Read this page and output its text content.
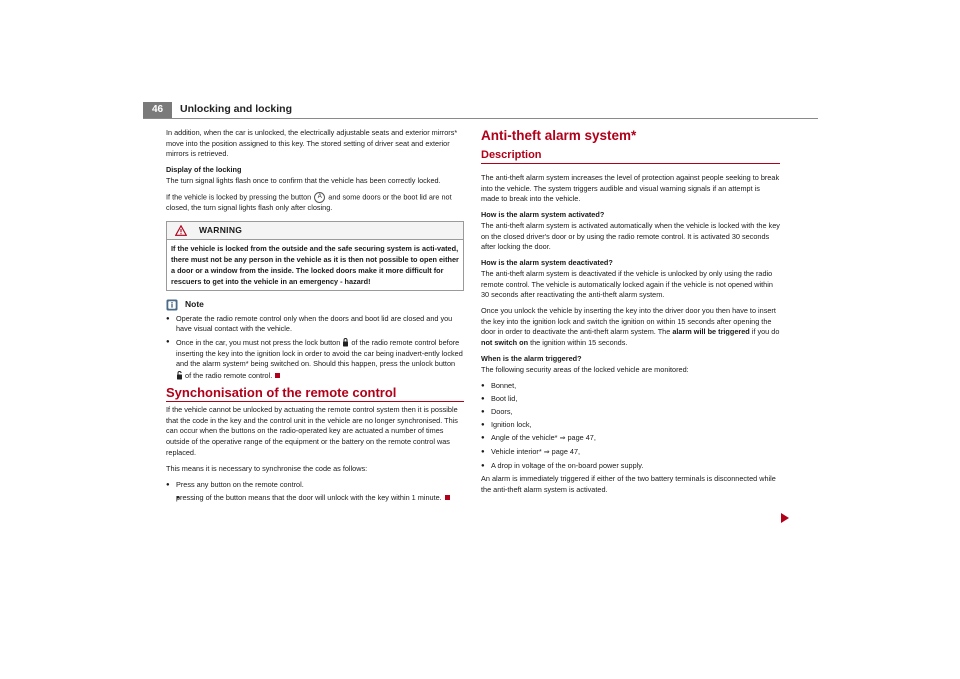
46	Unlocking and locking

In addition, when the car is unlocked, the electrically adjustable seats and exterior mirrors* move into the position assigned to this key. The stored setting of driver seat and exterior mirrors is retrieved.

Display of the locking

The turn signal lights flash once to confirm that the vehicle has been correctly locked.

If the vehicle is locked by pressing the button A and some doors or the boot lid are not closed, the turn signal lights flash only after closing.

WARNING
If the vehicle is locked from the outside and the safe securing system is acti-vated, there must not be any person in the vehicle as it is then not possible to open either a door or a window from the inside. The locked doors make it more difficult for rescuers to get into the vehicle in an emergency - hazard!
Note

● Operate the radio remote control only when the doors and boot lid are closed and you have visual contact with the vehicle.

● Once in the car, you must not press the lock button of the radio remote control before inserting the key into the ignition lock in order to avoid the car being inadvert-ently locked and the alarm system* being switched on. Should this happen, press the unlock button  of the radio remote control.

Synchonisation of the remote control

If the vehicle cannot be unlocked by actuating the remote control system then it is possible that the code in the key and the control unit in the vehicle are no longer synchronised. This can occur when the buttons on the radio-operated key are actuated a number of times outside of the operative range of the equipment or the battery on the remote control was replaced.

This means it is necessary to synchronise the code as follows:

● Press any button on the remote control.

● pressing of the button means that the door will unlock with the key within 1 minute.

Anti-theft alarm system*
Description

The anti-theft alarm system increases the level of protection against people seeking to break into the vehicle. The system triggers audible and visual warning signals if an attempt is made to break into the vehicle.

How is the alarm system activated?

The anti-theft alarm system is activated automatically when the vehicle is locked with the key on the closed driver's door or by using the radio remote control. It is activated 30 seconds after locking the door.

How is the alarm system deactivated?

The anti-theft alarm system is deactivated if the vehicle is unlocked by only using the radio remote control. The vehicle is automatically locked again if the vehicle is not opened within 30 seconds after reactivating the anti-theft alarm system.

Once you unlock the vehicle by inserting the key into the driver door you then have to insert the key into the ignition lock and switch the ignition on within 15 seconds after opening the door in order to deactivate the anti-theft alarm system. The alarm will be triggered if you do not switch on the ignition within 15 seconds.

When is the alarm triggered?

The following security areas of the locked vehicle are monitored:

● Bonnet,

● Boot lid,

● Doors,

● Ignition lock,

● Angle of the vehicle* ⇒ page 47,

● Vehicle interior* ⇒ page 47,

● A drop in voltage of the on-board power supply.

An alarm is immediately triggered if either of the two battery terminals is disconnected while the anti-theft alarm system is activated.
